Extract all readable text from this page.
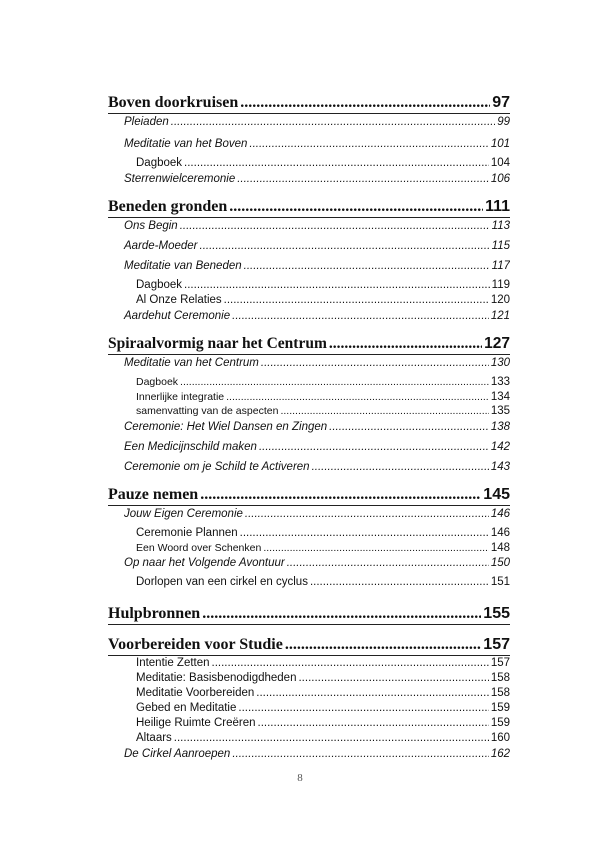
Boven doorkruisen .....	97
Pleiaden .....	99
Meditatie van het Boven .....	101
Dagboek .....	104
Sterrenwielceremonie .....	106
Beneden gronden .....	111
Ons Begin .....	113
Aarde-Moeder .....	115
Meditatie van Beneden .....	117
Dagboek .....	119
Al Onze Relaties .....	120
Aardehut Ceremonie .....	121
Spiraalvormig naar het Centrum .....	127
Meditatie van het Centrum .....	130
Dagboek .....	133
Innerlijke integratie .....	134
samenvatting van de aspecten .....	135
Ceremonie: Het Wiel Dansen en Zingen .....	138
Een Medicijnschild maken .....	142
Ceremonie om je Schild te Activeren .....	143
Pauze nemen .....	145
Jouw Eigen Ceremonie .....	146
Ceremonie Plannen .....	146
Een Woord over Schenken .....	148
Op naar het Volgende Avontuur .....	150
Dorlopen van een cirkel en cyclus .....	151
Hulpbronnen .....	155
Voorbereiden voor Studie .....	157
Intentie Zetten .....	157
Meditatie: Basisbenodigdheden .....	158
Meditatie Voorbereiden .....	158
Gebed en Meditatie .....	159
Heilige Ruimte Creëren .....	159
Altaars .....	160
De Cirkel Aanroepen .....	162
8
